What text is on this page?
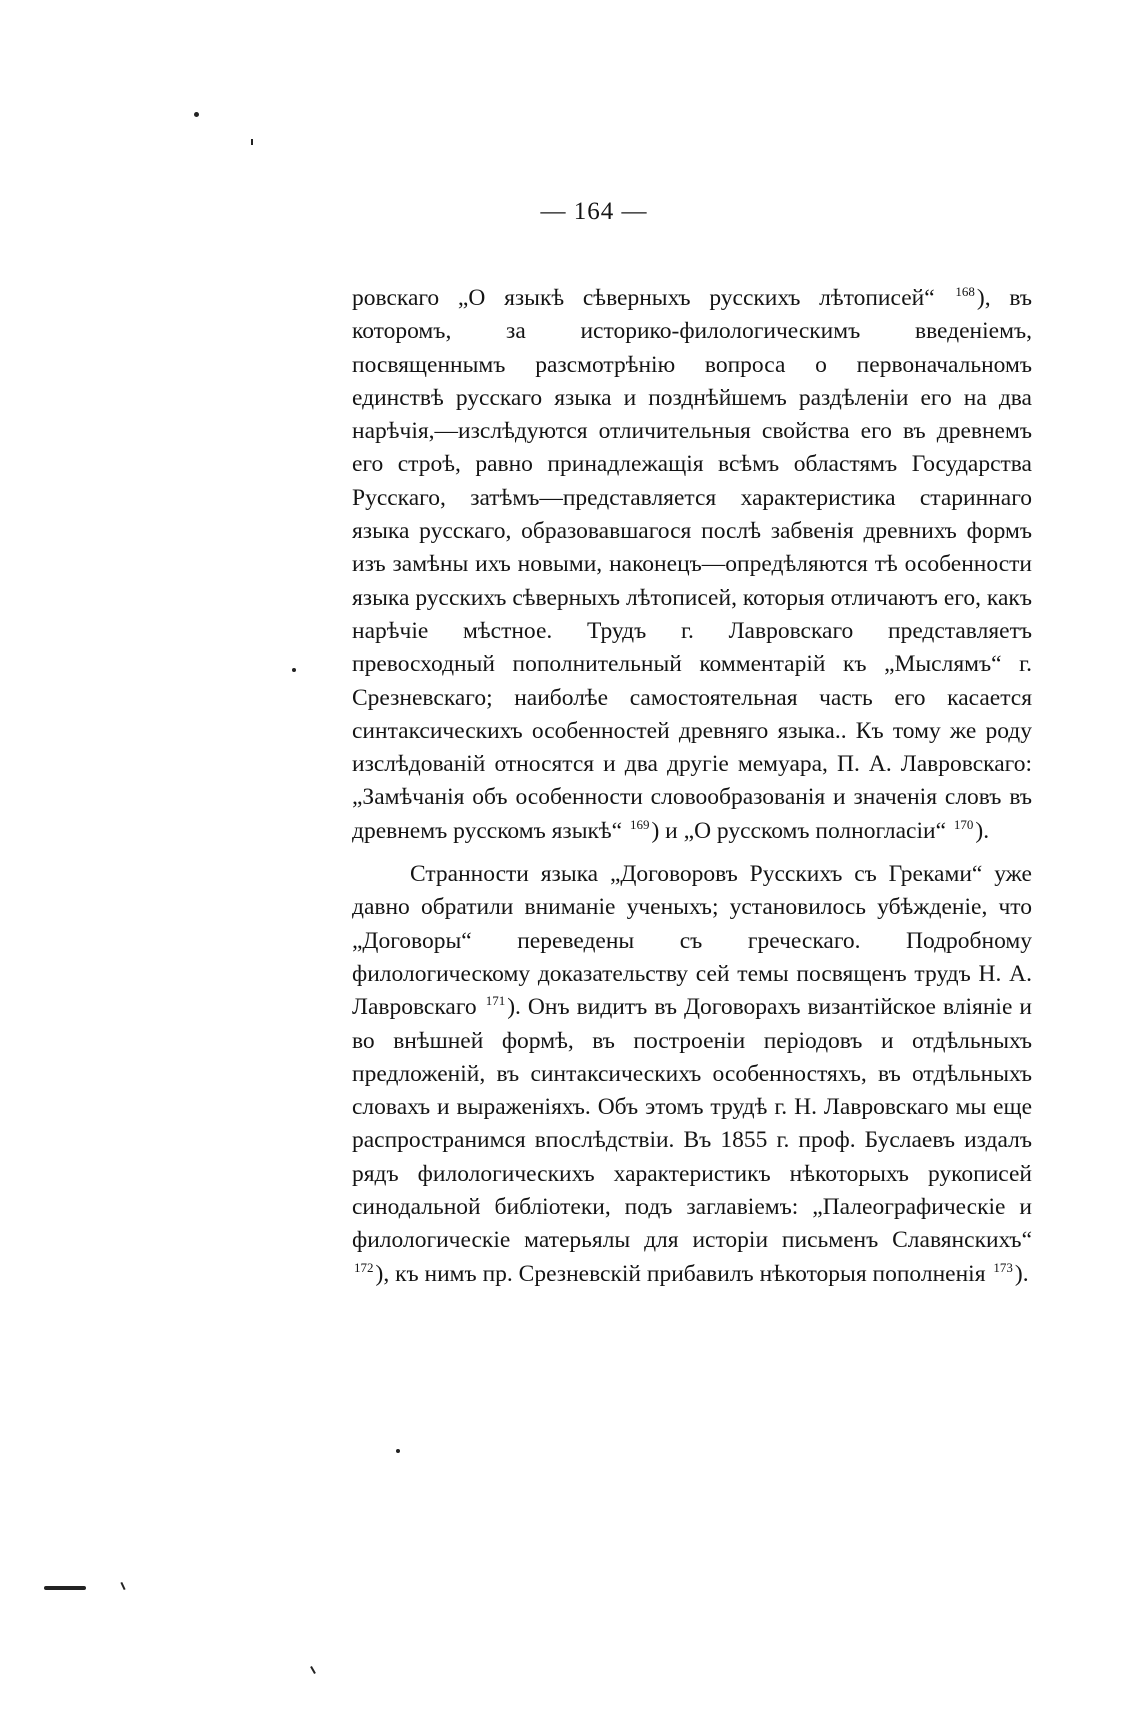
— 164 —

ровскаго „О языкѣ сѣверныхъ русскихъ лѣтописей“ $^{168}$), въ которомъ, за историко-филологическимъ введеніемъ, посвященнымъ разсмотрѣнію вопроса о первоначальномъ единствѣ русскаго языка и позднѣйшемъ раздѣленіи его на два нарѣчія,—изслѣдуются отличительныя свойства его въ древнемъ его строѣ, равно принадлежащія всѣмъ областямъ Государства Русскаго, затѣмъ—представляется характеристика стариннаго языка русскаго, образовавшагося послѣ забвенія древнихъ формъ изъ замѣны ихъ новыми, наконецъ—опредѣляются тѣ особенности языка русскихъ сѣверныхъ лѣтописей, которыя отличаютъ его, какъ нарѣчіе мѣстное. Трудъ г. Лавровскаго представляетъ превосходный пополнительный комментарій къ „Мыслямъ“ г. Срезневскаго; наиболѣе самостоятельная часть его касается синтаксическихъ особенностей древняго языка.. Къ тому же роду изслѣдованій относятся и два другіе мемуара, П. А. Лавровскаго: „Замѣчанія объ особенности словообразованія и значенія словъ въ древнемъ русскомъ языкѣ“ $^{169}$) и „О русскомъ полногласіи“ $^{170}$).

Странности языка „Договоровъ Русскихъ съ Греками“ уже давно обратили вниманіе ученыхъ; установилось убѣжденіе, что „Договоры“ переведены съ греческаго. Подробному филологическому доказательству сей темы посвященъ трудъ Н. А. Лавровскаго $^{171}$). Онъ видитъ въ Договорахъ византійское вліяніе и во внѣшней формѣ, въ построеніи періодовъ и отдѣльныхъ предложеній, въ синтаксическихъ особенностяхъ, въ отдѣльныхъ словахъ и выраженіяхъ. Объ этомъ трудѣ г. Н. Лавровскаго мы еще распространимся впослѣдствіи. Въ 1855 г. проф. Буслаевъ издалъ рядъ филологическихъ характеристикъ нѣкоторыхъ рукописей синодальной библіотеки, подъ заглавіемъ: „Палеографическіе и филологическіе матерьялы для исторіи письменъ Славянскихъ“ $^{172}$), къ нимъ пр. Срезневскій прибавилъ нѣкоторыя пополненія $^{173}$).
